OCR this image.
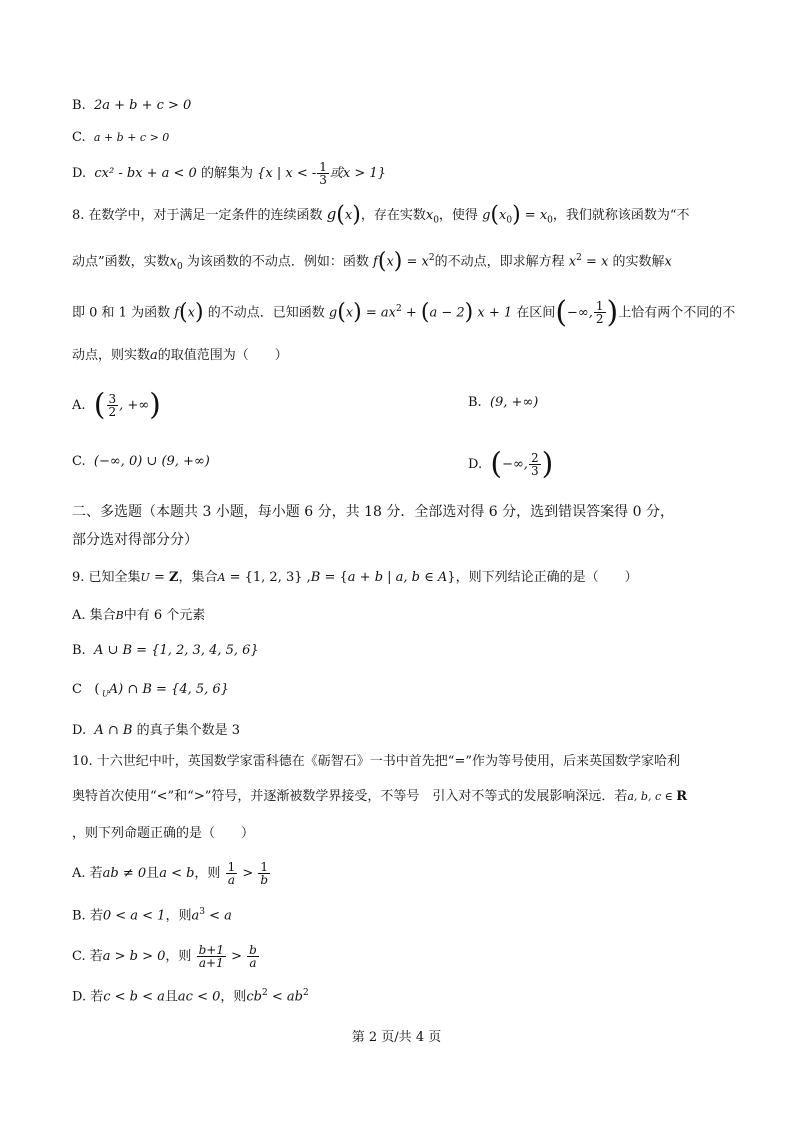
B. 2a + b + c > 0
C. a + b + c > 0
D. cx² - bx + a < 0 的解集为 {x | x < - $\frac{1}{3}$ 或x > 1}
8. 在数学中，对于满足一定条件的连续函数 g(x)，存在实数$x_0$，使得 $g(x_0) = x_0$，我们就称该函数为“不
动点”函数，实数$x_0$ 为该函数的不动点．例如：函数 $f(x) = x^2$的不动点，即求解方程 $x^2 = x$ 的实数解x
即 0 和 1 为函数 f(x) 的不动点．已知函数 $g(x) = ax^2 + (a - 2) x + 1$ 在区间(−∞, $\frac{1}{2}$ )上恰有两个不同的不
动点，则实数a的取值范围为（　　）
A. ( $\frac{3}{2}$ , +∞)	B. (9, +∞)
C. (−∞, 0) ∪ (9, +∞)	D. (−∞, $\frac{2}{3}$ )
二、多选题（本题共 3 小题，每小题 6 分，共 18 分．全部选对得 6 分，选到错误答案得 0 分，
部分选对得部分分）
9. 已知全集U = Z，集合A = {1, 2, 3} ,B = {a + b | a, b ∈ A}，则下列结论正确的是（　　）
A. 集合B中有 6 个元素
B. A ∪ B = {1, 2, 3, 4, 5, 6}
C ( $_U$A) ∩ B = {4, 5, 6}
D. A ∩ B 的真子集个数是 3
10. 十六世纪中叶，英国数学家雷科德在《砺智石》一书中首先把“=”作为等号使用，后来英国数学家哈利
奥特首次使用“<”和“>”符号，并逐渐被数学界接受，不等号　引入对不等式的发展影响深远．若a, b, c ∈ R
，则下列命题正确的是（　　）
A. 若ab ≠ 0且a < b，则 $\frac{1}{a} > \frac{1}{b}$
B. 若0 < a < 1，则$a^3 < a$
C. 若a > b > 0，则 $\frac{b+1}{a+1} > \frac{b}{a}$
D. 若c < b < a且ac < 0，则$cb^2 < ab^2$
第 2 页/共 4 页
